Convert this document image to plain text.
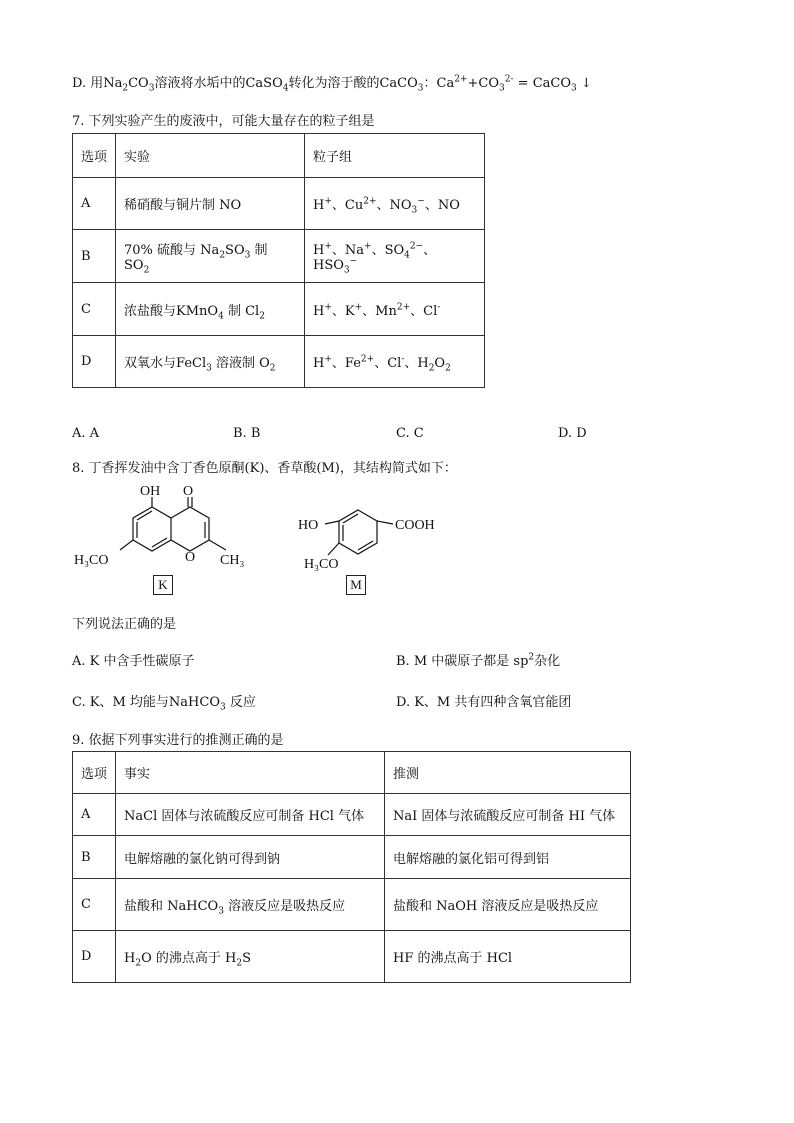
D. 用$Na_2CO_3$溶液将水垢中的CaSO$_4$转化为溶于酸的CaCO$_3$：$Ca^{2+}+CO_3^{2-}$ = CaCO$_3$ ↓
7. 下列实验产生的废液中，可能大量存在的粒子组是
选项	实验	粒子组
A	稀硝酸与铜片制 NO	H+、$Cu^{2+}$、$NO_3^-$、NO
B	70% 硫酸与 $Na_2SO_3$ 制 $SO_2$	H+、Na+、$SO_4^{2-}$、$HSO_3^-$
C	浓盐酸与KMnO$_4$ 制 $Cl_2$	H+、K+、$Mn^{2+}$、Cl-
D	双氧水与FeCl$_3$ 溶液制 $O_2$	H+、$Fe^{2+}$、Cl-、$H_2O_2$
A. A	B. B	C. C	D. D
8. 丁香挥发油中含丁香色原酮(K)、香草酸(M)，其结构简式如下：
OH O
O
H₃CO	CH₃
K
HO	COOH
H₃CO
M
下列说法正确的是
A. K 中含手性碳原子	B. M 中碳原子都是 $sp^2$杂化
C. K、M 均能与NaHCO$_3$ 反应	D. K、M 共有四种含氧官能团
9. 依据下列事实进行的推测正确的是
选项	事实	推测
A	NaCl 固体与浓硫酸反应可制备 HCl 气体	NaI 固体与浓硫酸反应可制备 HI 气体
B	电解熔融的氯化钠可得到钠	电解熔融的氯化铝可得到铝
C	盐酸和 NaHCO$_3$ 溶液反应是吸热反应	盐酸和 NaOH 溶液反应是吸热反应
D	$H_2O$ 的沸点高于 $H_2S$	HF 的沸点高于 HCl
